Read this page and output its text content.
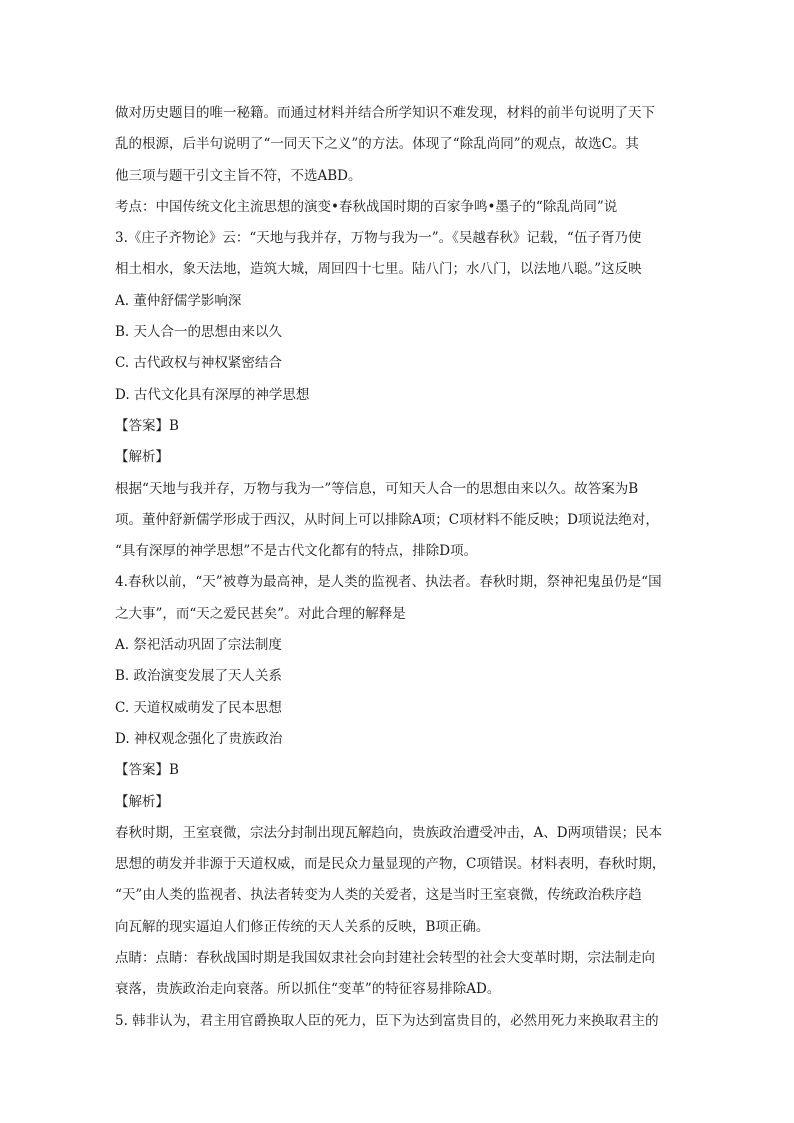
做对历史题目的唯一秘籍。而通过材料并结合所学知识不难发现，材料的前半句说明了天下
乱的根源，后半句说明了“一同天下之义”的方法。体现了“除乱尚同”的观点，故选C。其
他三项与题干引文主旨不符，不选ABD。
考点：中国传统文化主流思想的演变•春秋战国时期的百家争鸣•墨子的“除乱尚同”说
3.《庄子齐物论》云：“天地与我并存，万物与我为一”。《吴越春秋》记载，“伍子胥乃使
相土相水，象天法地，造筑大城，周回四十七里。陆八门；水八门，以法地八聪。”这反映
A. 董仲舒儒学影响深
B. 天人合一的思想由来以久
C. 古代政权与神权紧密结合
D. 古代文化具有深厚的神学思想
【答案】B
【解析】
根据“天地与我并存，万物与我为一”等信息，可知天人合一的思想由来以久。故答案为B
项。董仲舒新儒学形成于西汉，从时间上可以排除A项；C项材料不能反映；D项说法绝对，
“具有深厚的神学思想”不是古代文化都有的特点，排除D项。
4.春秋以前，“天”被尊为最高神，是人类的监视者、执法者。春秋时期，祭神祀鬼虽仍是“国
之大事”，而“天之爱民甚矣”。对此合理的解释是
A. 祭祀活动巩固了宗法制度
B. 政治演变发展了天人关系
C. 天道权威萌发了民本思想
D. 神权观念强化了贵族政治
【答案】B
【解析】
春秋时期，王室衰微，宗法分封制出现瓦解趋向，贵族政治遭受冲击，A、D两项错误；民本
思想的萌发并非源于天道权威，而是民众力量显现的产物，C项错误。材料表明，春秋时期，
“天”由人类的监视者、执法者转变为人类的关爱者，这是当时王室衰微，传统政治秩序趋
向瓦解的现实逼迫人们修正传统的天人关系的反映，B项正确。
点睛：点睛：春秋战国时期是我国奴隶社会向封建社会转型的社会大变革时期，宗法制走向
衰落，贵族政治走向衰落。所以抓住“变革”的特征容易排除AD。
5. 韩非认为，君主用官爵换取人臣的死力，臣下为达到富贵目的，必然用死力来换取君主的
